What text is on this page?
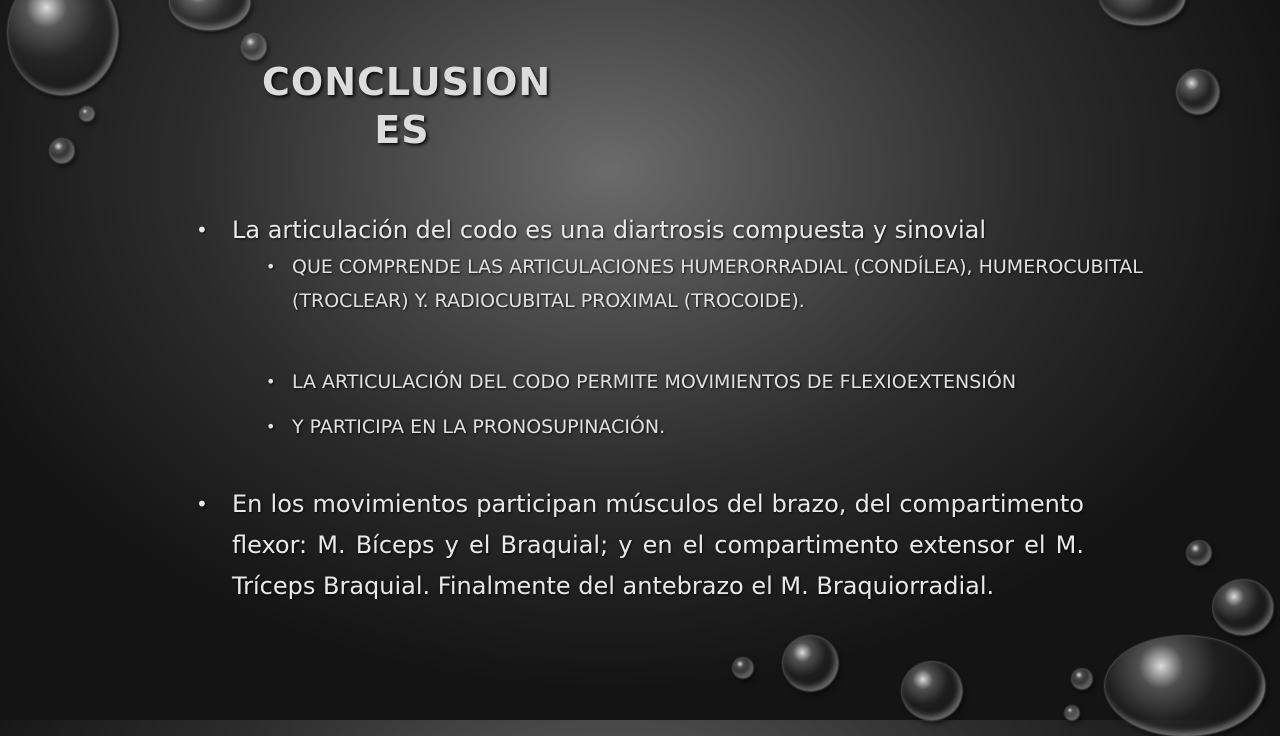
CONCLUSION
ES
• La articulación del codo es una diartrosis compuesta y sinovial
• QUE COMPRENDE LAS ARTICULACIONES HUMERORRADIAL (CONDÍLEA), HUMEROCUBITAL
(TROCLEAR) Y. RADIOCUBITAL PROXIMAL (TROCOIDE).
• LA ARTICULACIÓN DEL CODO PERMITE MOVIMIENTOS DE FLEXIOEXTENSIÓN
• Y PARTICIPA EN LA PRONOSUPINACIÓN.
• En los movimientos participan músculos del brazo, del compartimento flexor: M. Bíceps y el Braquial; y en el compartimento extensor el M. Tríceps Braquial. Finalmente del antebrazo el M. Braquiorradial.
